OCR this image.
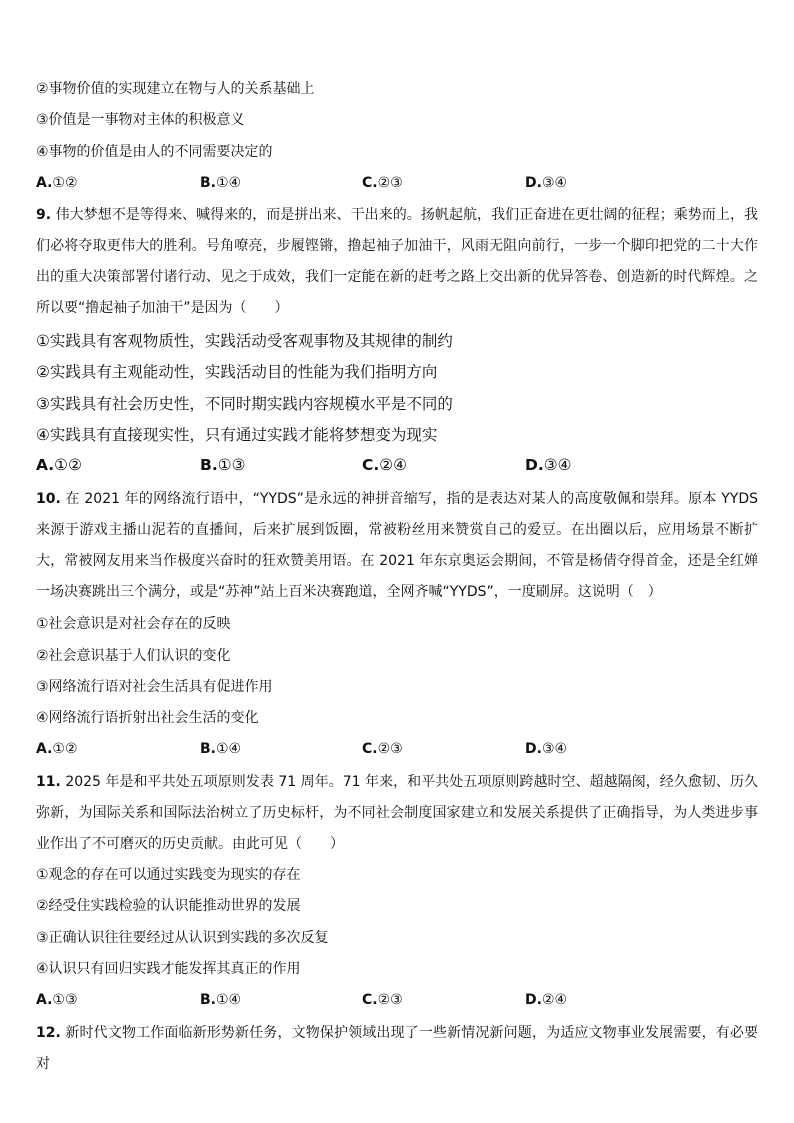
②事物价值的实现建立在物与人的关系基础上
③价值是一事物对主体的积极意义
④事物的价值是由人的不同需要决定的
A.①②	B.①④	C.②③	D.③④
9. 伟大梦想不是等得来、喊得来的，而是拼出来、干出来的。扬帆起航，我们正奋进在更壮阔的征程；乘势而上，我们必将夺取更伟大的胜利。号角嘹亮，步履铿锵，撸起袖子加油干，风雨无阻向前行，一步一个脚印把党的二十大作出的重大决策部署付诸行动、见之于成效，我们一定能在新的赶考之路上交出新的优异答卷、创造新的时代辉煌。之所以要“撸起袖子加油干”是因为（　　）
①实践具有客观物质性，实践活动受客观事物及其规律的制约
②实践具有主观能动性，实践活动目的性能为我们指明方向
③实践具有社会历史性，不同时期实践内容规模水平是不同的
④实践具有直接现实性，只有通过实践才能将梦想变为现实
A.①②	B.①③	C.②④	D.③④
10. 在 2021 年的网络流行语中，“YYDS”是永远的神拼音缩写，指的是表达对某人的高度敬佩和崇拜。原本 YYDS 来源于游戏主播山泥若的直播间，后来扩展到饭圈，常被粉丝用来赞赏自己的爱豆。在出圈以后，应用场景不断扩大，常被网友用来当作极度兴奋时的狂欢赞美用语。在 2021 年东京奥运会期间，不管是杨倩夺得首金，还是全红婵一场决赛跳出三个满分，或是“苏神”站上百米决赛跑道，全网齐喊“YYDS”，一度刷屏。这说明（　）
①社会意识是对社会存在的反映
②社会意识基于人们认识的变化
③网络流行语对社会生活具有促进作用
④网络流行语折射出社会生活的变化
A.①②	B.①④	C.②③	D.③④
11. 2025 年是和平共处五项原则发表 71 周年。71 年来，和平共处五项原则跨越时空、超越隔阂，经久愈韧、历久弥新，为国际关系和国际法治树立了历史标杆，为不同社会制度国家建立和发展关系提供了正确指导，为人类进步事业作出了不可磨灭的历史贡献。由此可见（　　）
①观念的存在可以通过实践变为现实的存在
②经受住实践检验的认识能推动世界的发展
③正确认识往往要经过从认识到实践的多次反复
④认识只有回归实践才能发挥其真正的作用
A.①③	B.①④	C.②③	D.②④
12. 新时代文物工作面临新形势新任务，文物保护领域出现了一些新情况新问题，为适应文物事业发展需要，有必要对
